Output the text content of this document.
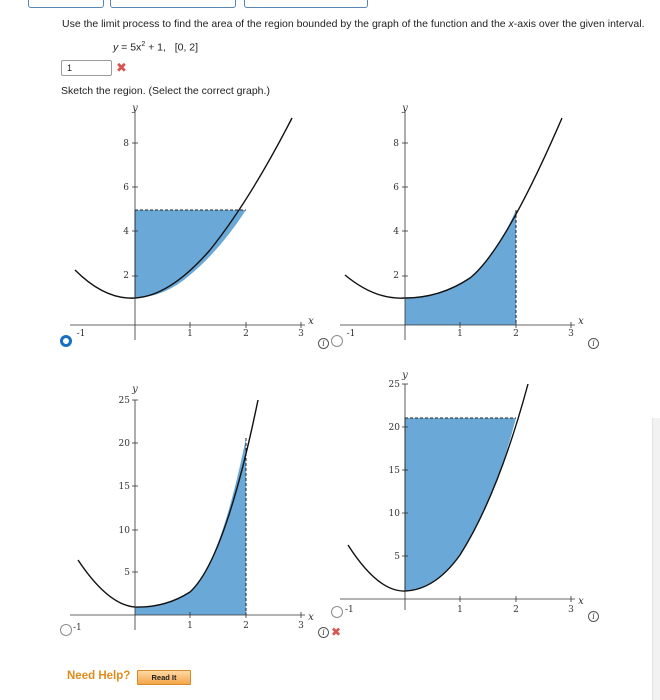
Use the limit process to find the area of the region bounded by the graph of the function and the x-axis over the given interval.
$y = 5x^2 + 1$, [0, 2]
1	✖
Sketch the region. (Select the correct graph.)
2
4
6
8
1	2	3
-1
y
x
i
2
4
6
8
1	2	3
-1
y
x
i
5
10
15
20
25
1	2	3
y
x
-1	i ✖
5
10
15
20
25
1	2	3
y
x
-1
i
Need Help?	Read It
